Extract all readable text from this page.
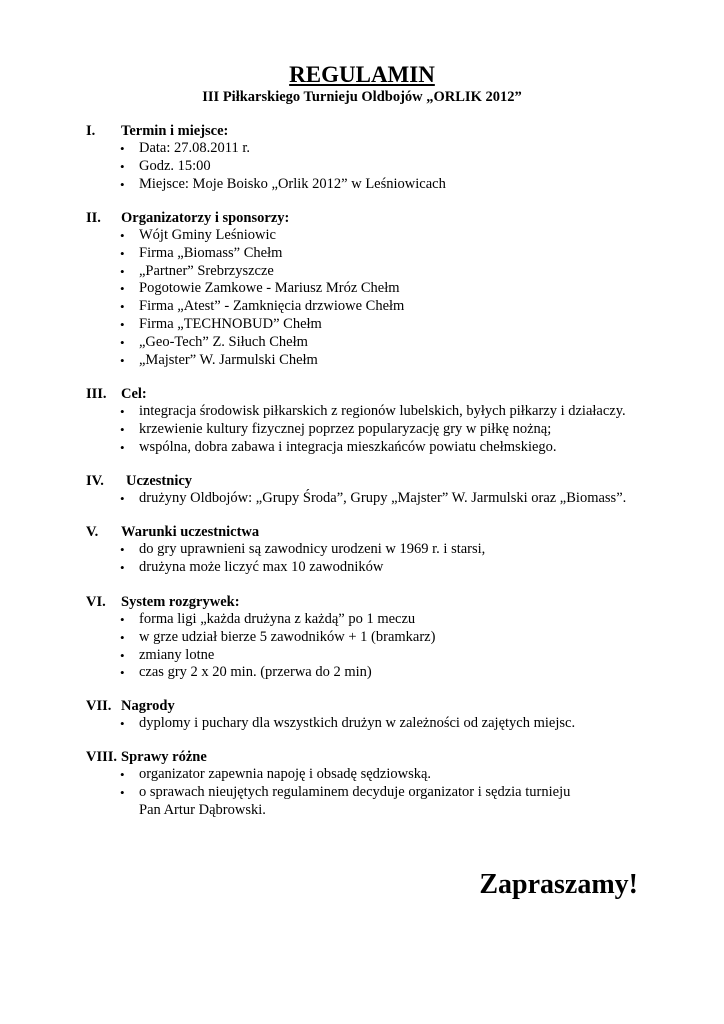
REGULAMIN
III Piłkarskiego Turnieju Oldbojów „ORLIK 2012”
I. Termin i miejsce:
• Data: 27.08.2011 r.
• Godz. 15:00
• Miejsce: Moje Boisko „Orlik 2012” w Leśniowicach
II. Organizatorzy i sponsorzy:
• Wójt Gminy Leśniowic
• Firma „Biomass” Chełm
• „Partner” Srebrzyszcze
• Pogotowie Zamkowe - Mariusz Mróz Chełm
• Firma „Atest” - Zamknięcia drzwiowe Chełm
• Firma „TECHNOBUD” Chełm
• „Geo-Tech” Z. Siłuch Chełm
• „Majster” W. Jarmulski Chełm
III. Cel:
• integracja środowisk piłkarskich z regionów lubelskich, byłych piłkarzy i działaczy.
• krzewienie kultury fizycznej poprzez popularyzację gry w piłkę nożną;
• wspólna, dobra zabawa i integracja mieszkańców powiatu chełmskiego.
IV. Uczestnicy
• drużyny Oldbojów: „Grupy Środa”, Grupy „Majster” W. Jarmulski oraz „Biomass”.
V. Warunki uczestnictwa
• do gry uprawnieni są zawodnicy urodzeni w 1969 r. i starsi,
• drużyna może liczyć max 10 zawodników
VI. System rozgrywek:
• forma ligi „każda drużyna z każdą” po 1 meczu
• w grze udział bierze 5 zawodników + 1 (bramkarz)
• zmiany lotne
• czas gry 2 x 20 min. (przerwa do 2 min)
VII. Nagrody
• dyplomy i puchary dla wszystkich drużyn w zależności od zajętych miejsc.
VIII. Sprawy różne
• organizator zapewnia napoję i obsadę sędziowską.
• o sprawach nieujętych regulaminem decyduje organizator i sędzia turnieju
Pan Artur Dąbrowski.
Zapraszamy!
